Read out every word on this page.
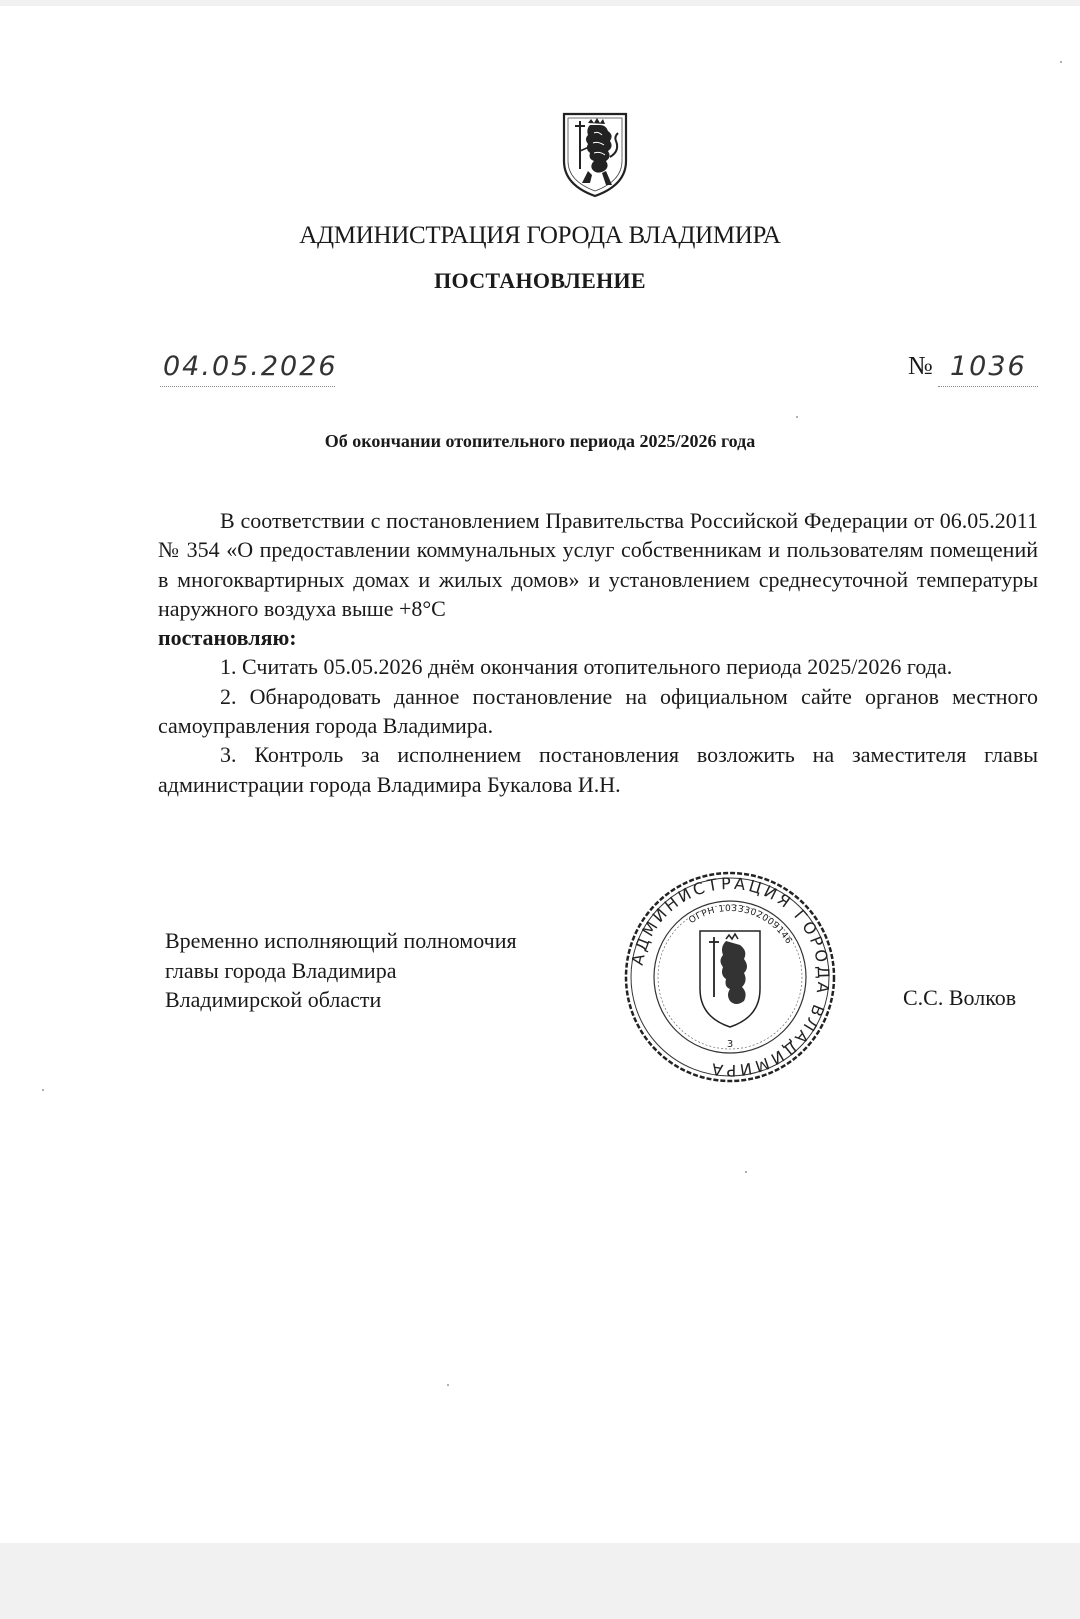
АДМИНИСТРАЦИЯ ГОРОДА ВЛАДИМИРА
ПОСТАНОВЛЕНИЕ
04.05.2026	№ 1036
Об окончании отопительного периода 2025/2026 года

В соответствии с постановлением Правительства Российской Федерации от 06.05.2011 № 354 «О предоставлении коммунальных услуг собственникам и пользователям помещений в многоквартирных домах и жилых домов» и установлением среднесуточной температуры наружного воздуха выше +8°С

постановляю:

1. Считать 05.05.2026 днём окончания отопительного периода 2025/2026 года.

2. Обнародовать данное постановление на официальном сайте органов местного самоуправления города Владимира.

3. Контроль за исполнением постановления возложить на заместителя главы администрации города Владимира Букалова И.Н.

Временно исполняющий полномочия
главы города Владимира
Владимирской области
АДМИНИСТРАЦИЯ ГОРОДА ВЛАДИМИРА
ОГРН 1033302009146
3
С.С. Волков
